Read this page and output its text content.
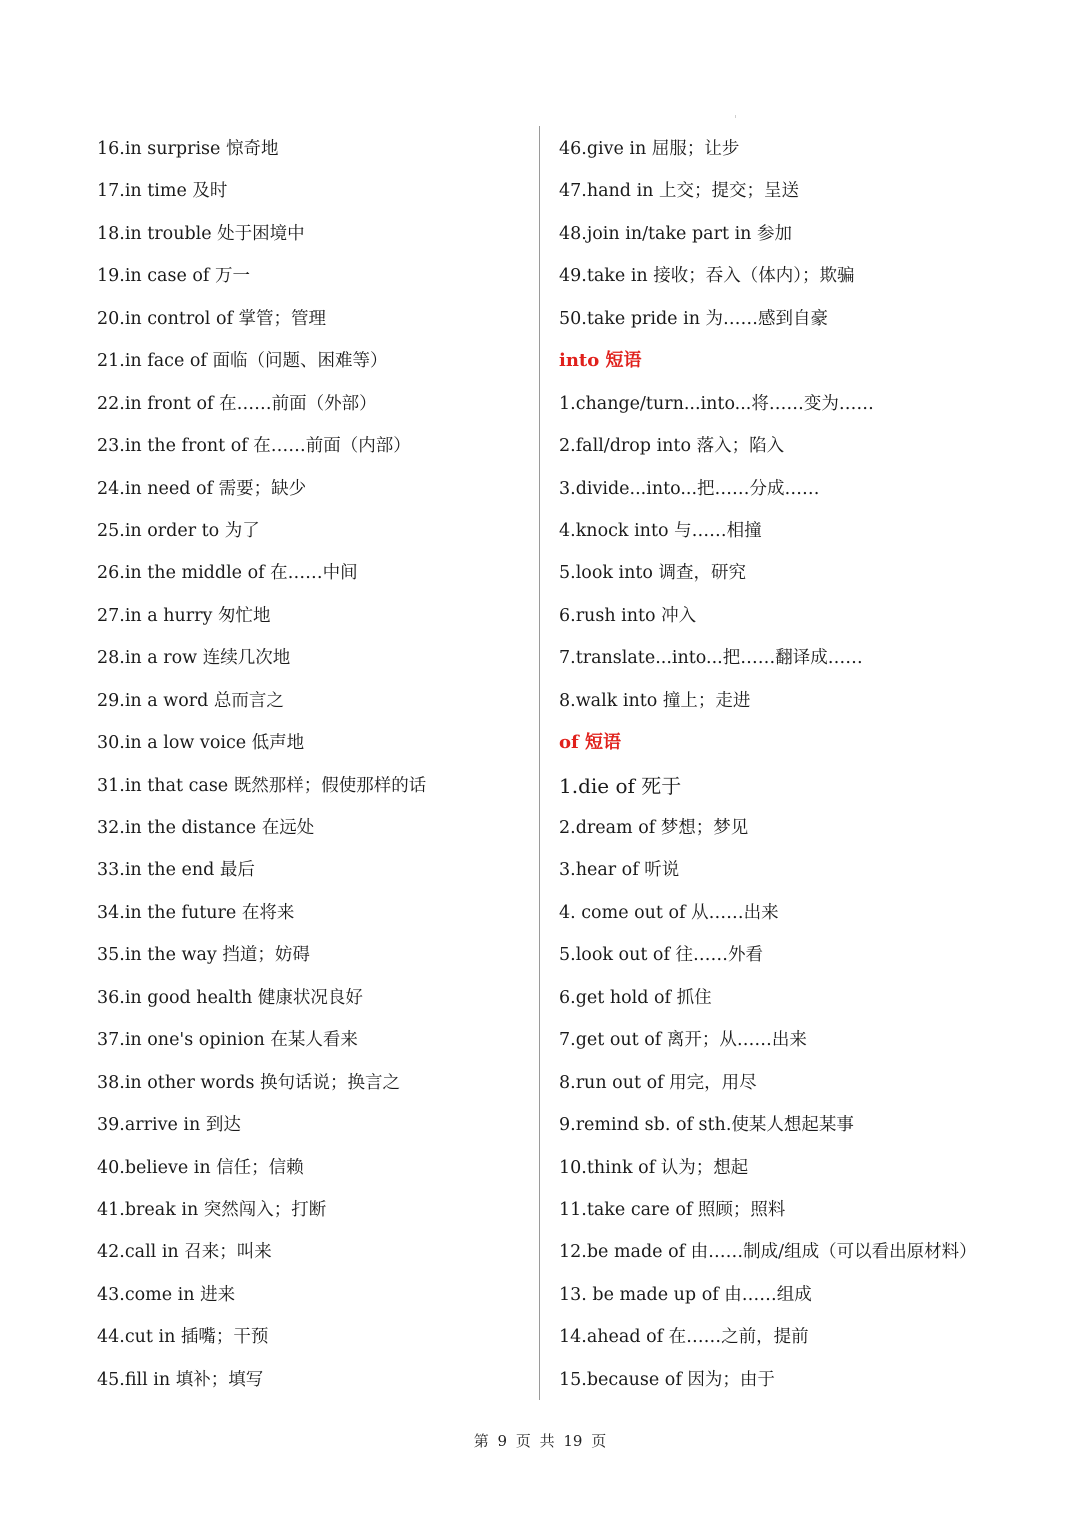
16.in surprise 惊奇地
17.in time 及时
18.in trouble 处于困境中
19.in case of 万一
20.in control of 掌管；管理
21.in face of 面临（问题、困难等）
22.in front of 在……前面（外部）
23.in the front of 在……前面（内部）
24.in need of 需要；缺少
25.in order to 为了
26.in the middle of 在……中间
27.in a hurry 匆忙地
28.in a row 连续几次地
29.in a word 总而言之
30.in a low voice 低声地
31.in that case 既然那样；假使那样的话
32.in the distance 在远处
33.in the end 最后
34.in the future 在将来
35.in the way 挡道；妨碍
36.in good health 健康状况良好
37.in one's opinion 在某人看来
38.in other words 换句话说；换言之
39.arrive in 到达
40.believe in 信任；信赖
41.break in 突然闯入；打断
42.call in 召来；叫来
43.come in 进来
44.cut in 插嘴；干预
45.fill in 填补；填写
46.give in 屈服；让步
47.hand in 上交；提交；呈送
48.join in/take part in 参加
49.take in 接收；吞入（体内）；欺骗
50.take pride in 为……感到自豪
into 短语
1.change/turn...into...将……变为……
2.fall/drop into 落入；陷入
3.divide...into...把……分成……
4.knock into 与……相撞
5.look into 调查，研究
6.rush into 冲入
7.translate...into...把……翻译成……
8.walk into 撞上；走进
of 短语
1.die of 死于
2.dream of 梦想；梦见
3.hear of 听说
4. come out of 从……出来
5.look out of 往……外看
6.get hold of 抓住
7.get out of 离开；从……出来
8.run out of 用完，用尽
9.remind sb. of sth.使某人想起某事
10.think of 认为；想起
11.take care of 照顾；照料
12.be made of 由……制成/组成（可以看出原材料）
13. be made up of 由……组成
14.ahead of 在……之前，提前
15.because of 因为；由于
第 9 页 共 19 页
